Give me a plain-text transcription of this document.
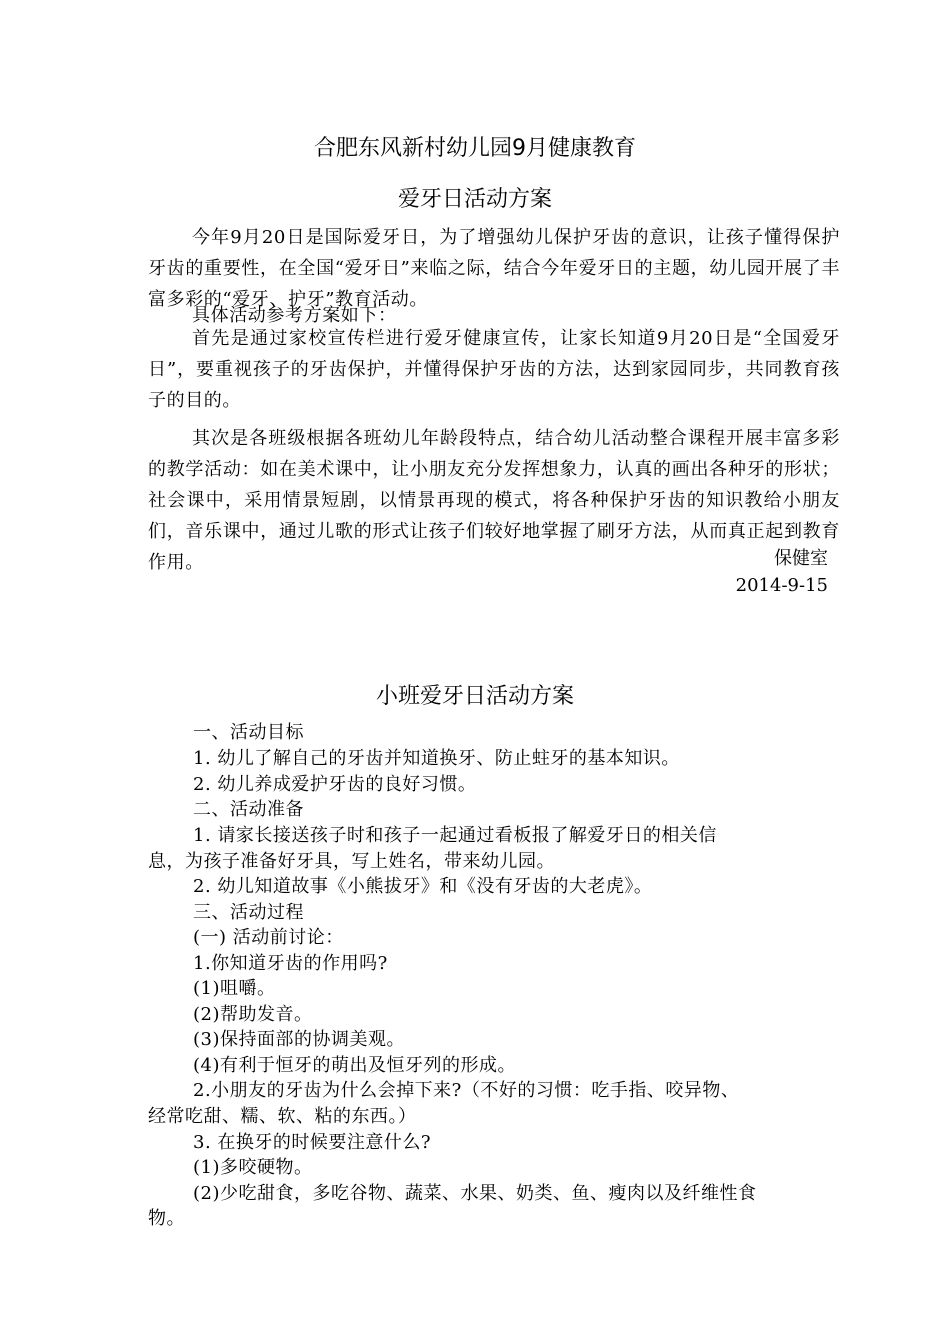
合肥东风新村幼儿园9月健康教育
爱牙日活动方案
今年9月20日是国际爱牙日，为了增强幼儿保护牙齿的意识，让孩子懂得保护牙齿的重要性，在全国“爱牙日”来临之际，结合今年爱牙日的主题，幼儿园开展了丰富多彩的“爱牙、护牙”教育活动。
具体活动参考方案如下：
首先是通过家校宣传栏进行爱牙健康宣传，让家长知道9月20日是“全国爱牙日”，要重视孩子的牙齿保护，并懂得保护牙齿的方法，达到家园同步，共同教育孩子的目的。
其次是各班级根据各班幼儿年龄段特点，结合幼儿活动整合课程开展丰富多彩的教学活动：如在美术课中，让小朋友充分发挥想象力，认真的画出各种牙的形状；社会课中，采用情景短剧，以情景再现的模式，将各种保护牙齿的知识教给小朋友们，音乐课中，通过儿歌的形式让孩子们较好地掌握了刷牙方法，从而真正起到教育作用。	保健室
2014-9-15
小班爱牙日活动方案
一、活动目标
1. 幼儿了解自己的牙齿并知道换牙、防止蛀牙的基本知识。
2. 幼儿养成爱护牙齿的良好习惯。
二、活动准备
1. 请家长接送孩子时和孩子一起通过看板报了解爱牙日的相关信
息，为孩子准备好牙具，写上姓名，带来幼儿园。
2. 幼儿知道故事《小熊拔牙》和《没有牙齿的大老虎》。
三、活动过程
(一) 活动前讨论：
1.你知道牙齿的作用吗?
(1)咀嚼。
(2)帮助发音。
(3)保持面部的协调美观。
(4)有利于恒牙的萌出及恒牙列的形成。
2.小朋友的牙齿为什么会掉下来?（不好的习惯：吃手指、咬异物、
经常吃甜、糯、软、粘的东西。）
3. 在换牙的时候要注意什么?
(1)多咬硬物。
(2)少吃甜食，多吃谷物、蔬菜、水果、奶类、鱼、瘦肉以及纤维性食
物。
